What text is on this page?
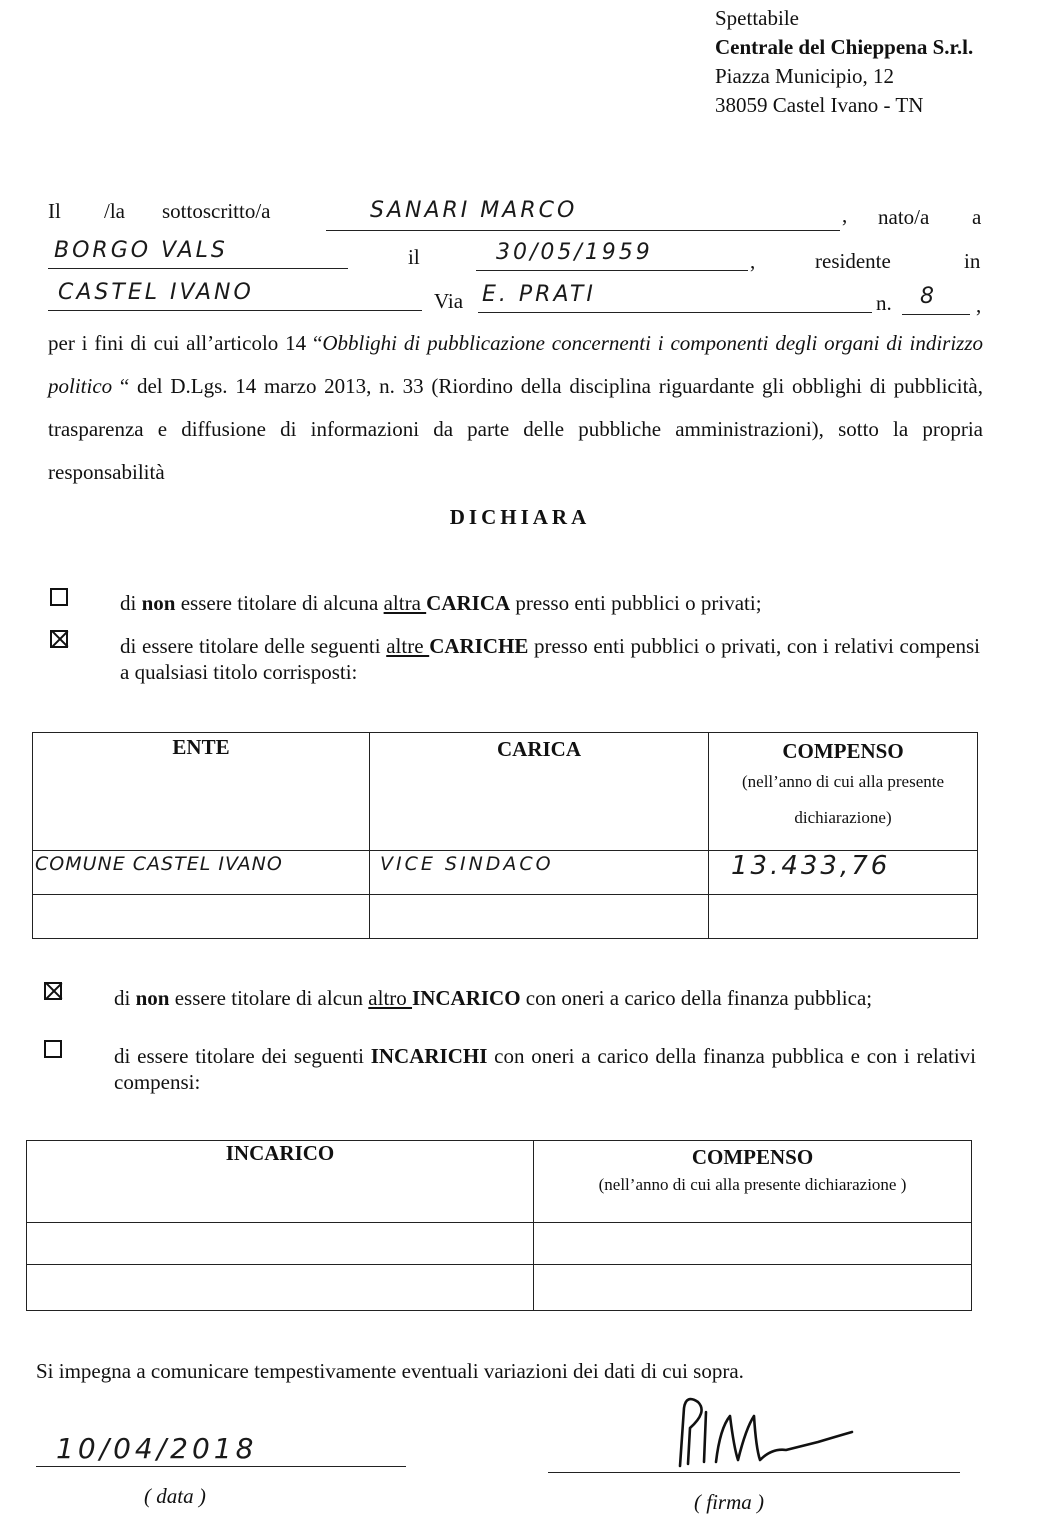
Spettabile
Centrale del Chieppena S.r.l.
Piazza Municipio, 12
38059 Castel Ivano - TN
Il /la sottoscritto/a	SANARI MARCO	, nato/a a
BORGO VALS	il	30/05/1959	,	residente	in
CASTEL IVANO	Via E. PRATI	n. 8 ,
per i fini di cui all’articolo 14 “Obblighi di pubblicazione concernenti i componenti degli organi di indirizzo politico “ del D.Lgs. 14 marzo 2013, n. 33 (Riordino della disciplina riguardante gli obblighi di pubblicità, trasparenza e diffusione di informazioni da parte delle pubbliche amministrazioni), sotto la propria responsabilità
DICHIARA
di non essere titolare di alcuna altra CARICA presso enti pubblici o privati;
di essere titolare delle seguenti altre CARICHE presso enti pubblici o privati, con i relativi compensi a qualsiasi titolo corrisposti:
ENTE	CARICA	COMPENSO
(nell’anno di cui alla presente dichiarazione)

COMUNE CASTEL IVANO	VICE SINDACO	13.433,76

di non essere titolare di alcun altro INCARICO con oneri a carico della finanza pubblica;
di essere titolare dei seguenti INCARICHI con oneri a carico della finanza pubblica e con i relativi compensi:
INCARICO	COMPENSO
(nell’anno di cui alla presente dichiarazione )

Si impegna a comunicare tempestivamente eventuali variazioni dei dati di cui sopra.
10/04/2018
( data )	( firma )
